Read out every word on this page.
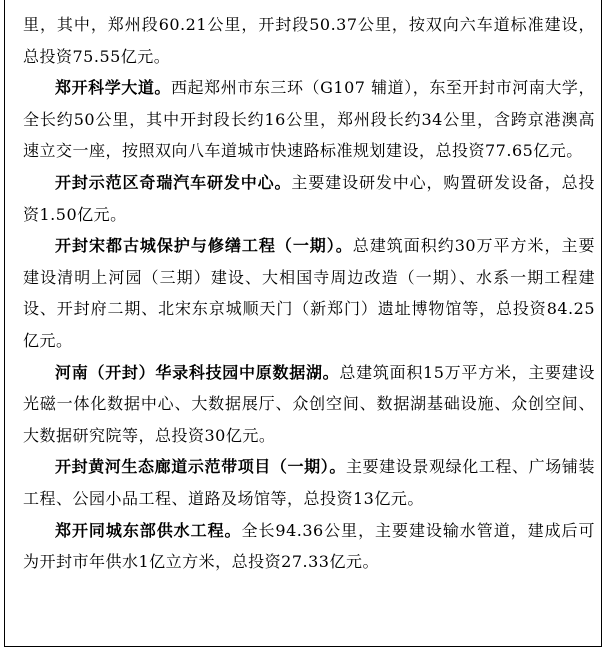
里，其中，郑州段60.21公里，开封段50.37公里，按双向六车道标准建设，总投资75.55亿元。

郑开科学大道。西起郑州市东三环（G107 辅道），东至开封市河南大学，全长约50公里，其中开封段长约16公里，郑州段长约34公里，含跨京港澳高速立交一座，按照双向八车道城市快速路标准规划建设，总投资77.65亿元。

开封示范区奇瑞汽车研发中心。主要建设研发中心，购置研发设备，总投资1.50亿元。

开封宋都古城保护与修缮工程（一期）。总建筑面积约30万平方米，主要建设清明上河园（三期）建设、大相国寺周边改造（一期）、水系一期工程建设、开封府二期、北宋东京城顺天门（新郑门）遗址博物馆等，总投资84.25亿元。

河南（开封）华录科技园中原数据湖。总建筑面积15万平方米，主要建设光磁一体化数据中心、大数据展厅、众创空间、数据湖基础设施、众创空间、大数据研究院等，总投资30亿元。

开封黄河生态廊道示范带项目（一期）。主要建设景观绿化工程、广场铺装工程、公园小品工程、道路及场馆等，总投资13亿元。

郑开同城东部供水工程。全长94.36公里，主要建设输水管道，建成后可为开封市年供水1亿立方米，总投资27.33亿元。
